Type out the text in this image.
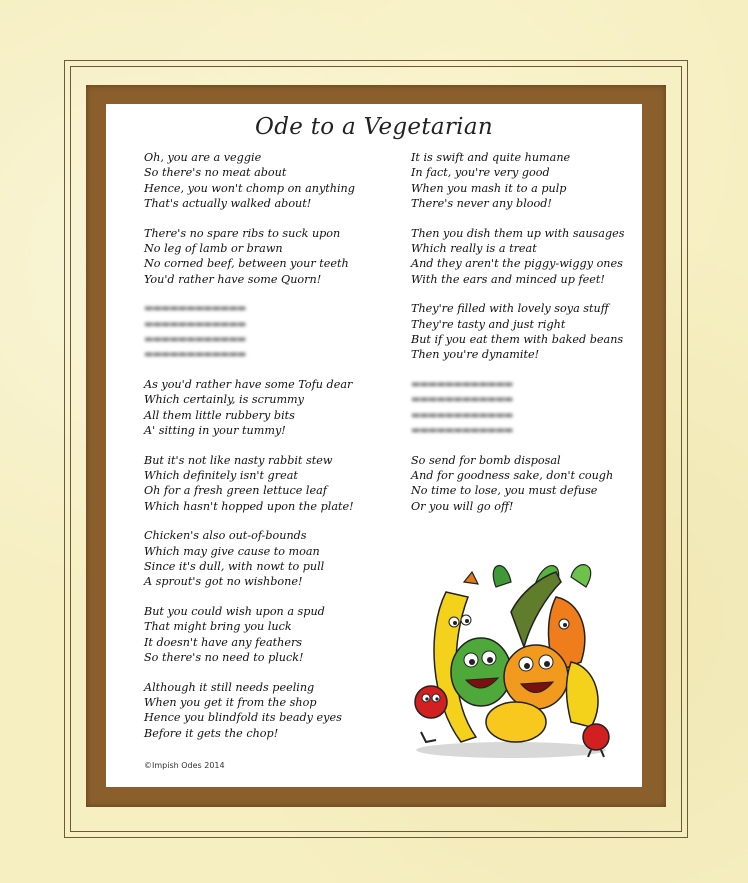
Ode to a Vegetarian
Oh, you are a veggie
So there's no meat about
Hence, you won't chomp on anything
That's actually walked about!
There's no spare ribs to suck upon
No leg of lamb or brawn
No corned beef, between your teeth
You'd rather have some Quorn!
▬▬▬▬▬▬▬▬▬▬▬▬
▬▬▬▬▬▬▬▬▬▬▬▬
▬▬▬▬▬▬▬▬▬▬▬▬
▬▬▬▬▬▬▬▬▬▬▬▬
As you'd rather have some Tofu dear
Which certainly, is scrummy
All them little rubbery bits
A' sitting in your tummy!
But it's not like nasty rabbit stew
Which definitely isn't great
Oh for a fresh green lettuce leaf
Which hasn't hopped upon the plate!
Chicken's also out-of-bounds
Which may give cause to moan
Since it's dull, with nowt to pull
A sprout's got no wishbone!
But you could wish upon a spud
That might bring you luck
It doesn't have any feathers
So there's no need to pluck!
Although it still needs peeling
When you get it from the shop
Hence you blindfold its beady eyes
Before it gets the chop!
It is swift and quite humane
In fact, you're very good
When you mash it to a pulp
There's never any blood!
Then you dish them up with sausages
Which really is a treat
And they aren't the piggy-wiggy ones
With the ears and minced up feet!
They're filled with lovely soya stuff
They're tasty and just right
But if you eat them with baked beans
Then you're dynamite!
▬▬▬▬▬▬▬▬▬▬▬▬
▬▬▬▬▬▬▬▬▬▬▬▬
▬▬▬▬▬▬▬▬▬▬▬▬
▬▬▬▬▬▬▬▬▬▬▬▬
So send for bomb disposal
And for goodness sake, don't cough
No time to lose, you must defuse
Or you will go off!
©Impish Odes 2014
